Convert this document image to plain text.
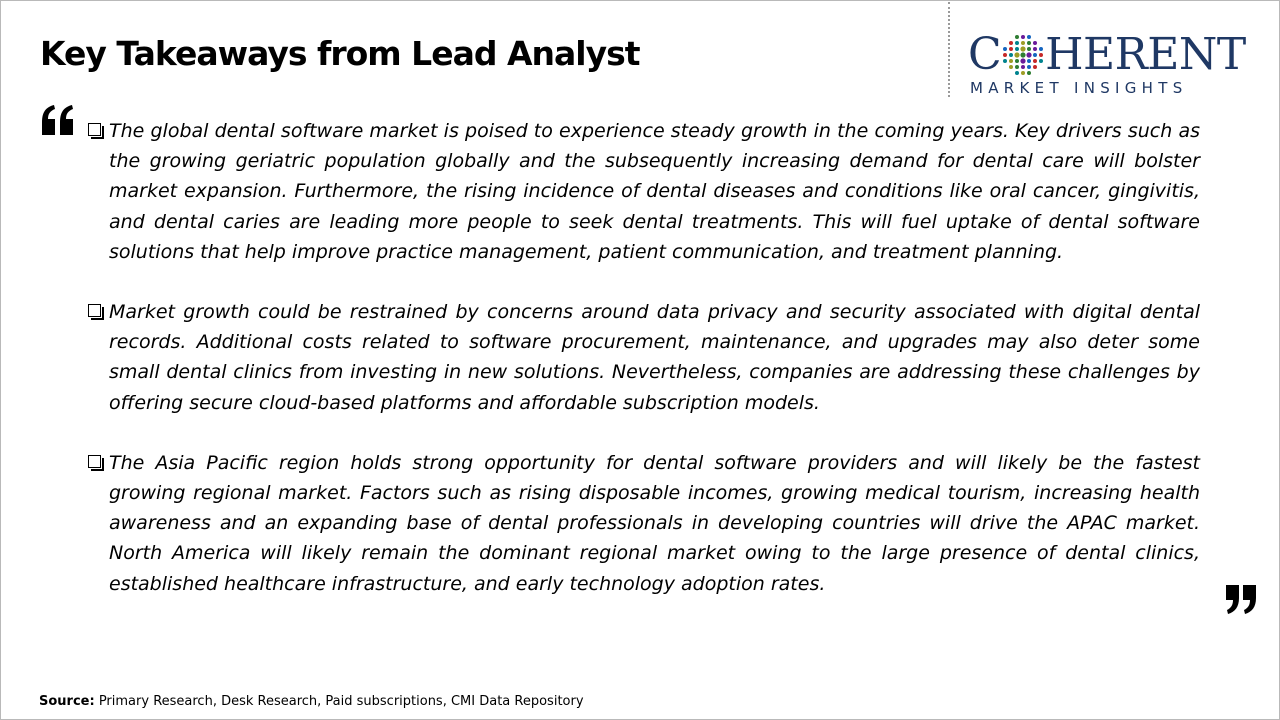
Key Takeaways from Lead Analyst	C HERENT
MARKET INSIGHTS
The global dental software market is poised to experience steady growth in the coming years. Key drivers such as the growing geriatric population globally and the subsequently increasing demand for dental care will bolster market expansion. Furthermore, the rising incidence of dental diseases and conditions like oral cancer, gingivitis, and dental caries are leading more people to seek dental treatments. This will fuel uptake of dental software solutions that help improve practice management, patient communication, and treatment planning.
Market growth could be restrained by concerns around data privacy and security associated with digital dental records. Additional costs related to software procurement, maintenance, and upgrades may also deter some small dental clinics from investing in new solutions. Nevertheless, companies are addressing these challenges by offering secure cloud-based platforms and affordable subscription models.
The Asia Pacific region holds strong opportunity for dental software providers and will likely be the fastest growing regional market. Factors such as rising disposable incomes, growing medical tourism, increasing health awareness and an expanding base of dental professionals in developing countries will drive the APAC market. North America will likely remain the dominant regional market owing to the large presence of dental clinics, established healthcare infrastructure, and early technology adoption rates.
Source: Primary Research, Desk Research, Paid subscriptions, CMI Data Repository
